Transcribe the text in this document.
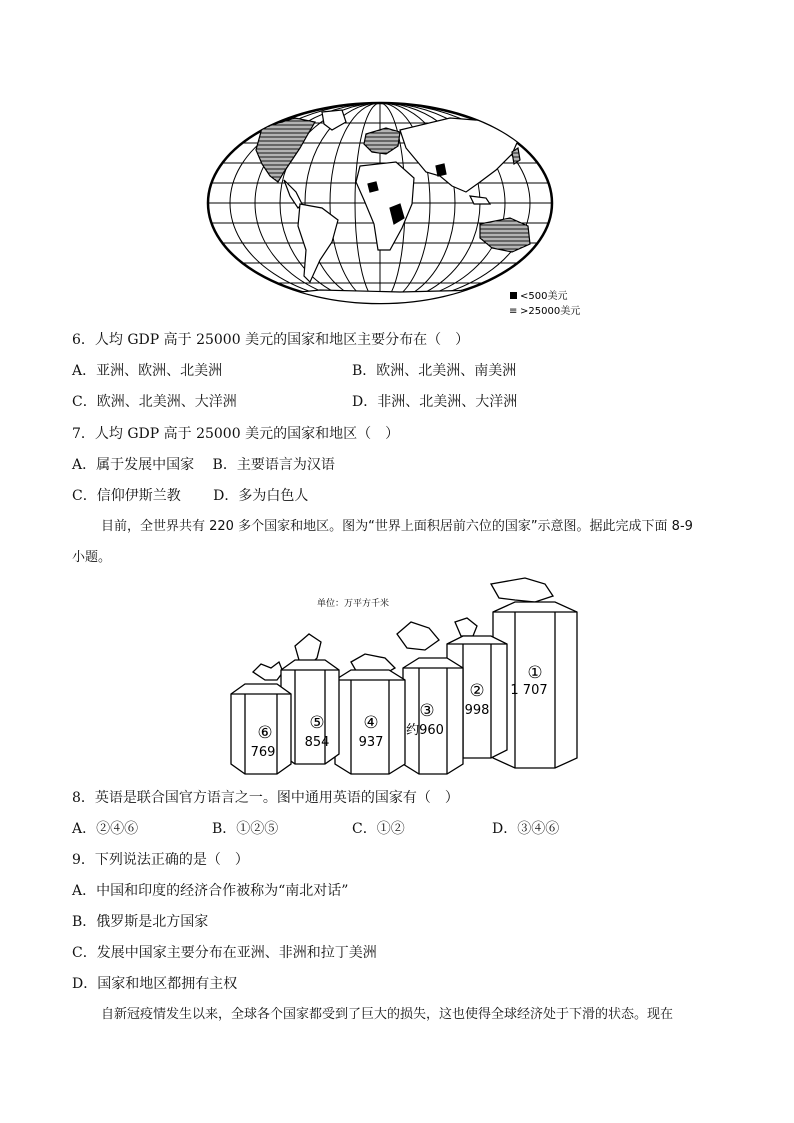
<500美元
≡ >25000美元
6．人均 GDP 高于 25000 美元的国家和地区主要分布在（　）
A．亚洲、欧洲、北美洲	B．欧洲、北美洲、南美洲
C．欧洲、北美洲、大洋洲	D．非洲、北美洲、大洋洲
7．人均 GDP 高于 25000 美元的国家和地区（　）
A．属于发展中国家　 B．主要语言为汉语
C．信仰伊斯兰教　　 D．多为白色人
目前，全世界共有 220 多个国家和地区。图为“世界上面积居前六位的国家”示意图。据此完成下面 8-9
小题。
单位：万平方千米
①
1 707
②
998
③
约960
④
937
⑤
854
⑥
769
8．英语是联合国官方语言之一。图中通用英语的国家有（　）
A．②④⑥	B．①②⑤	C．①②	D．③④⑥
9．下列说法正确的是（　）
A．中国和印度的经济合作被称为“南北对话”
B．俄罗斯是北方国家
C．发展中国家主要分布在亚洲、非洲和拉丁美洲
D．国家和地区都拥有主权
自新冠疫情发生以来，全球各个国家都受到了巨大的损失，这也使得全球经济处于下滑的状态。现在
